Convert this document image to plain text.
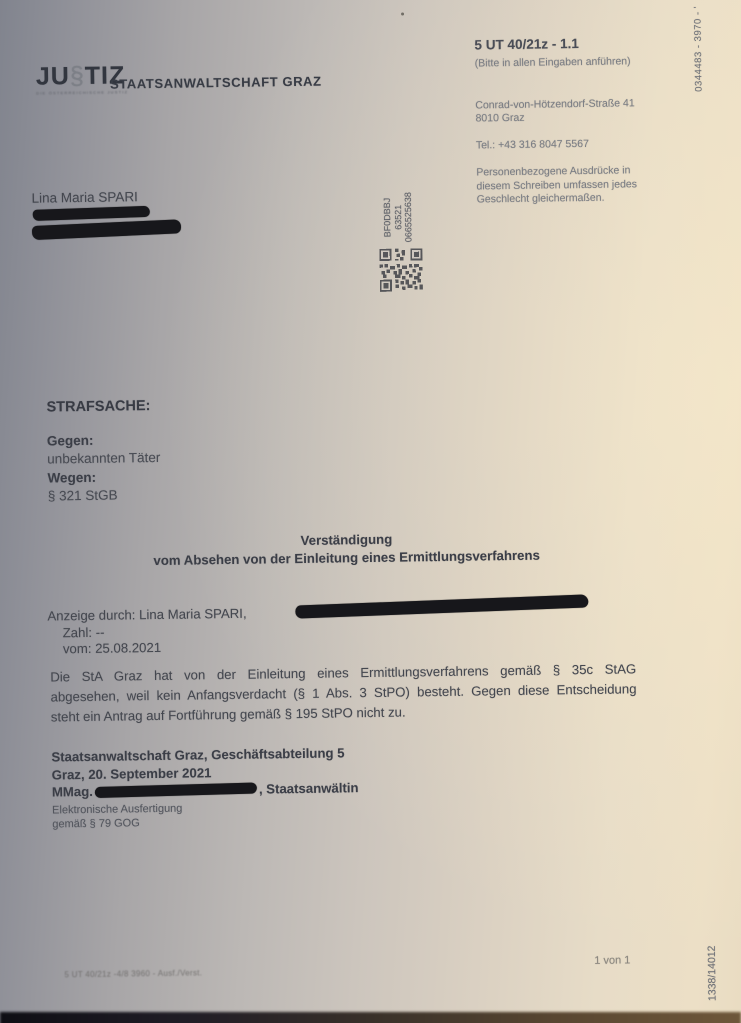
JU§TIZ
DIE ÖSTERREICHISCHE JUSTIZ
STAATSANWALTSCHAFT GRAZ
5 UT 40/21z - 1.1
(Bitte in allen Eingaben anführen)
Conrad-von-Hötzendorf-Straße 41
8010 Graz
Tel.: +43 316 8047 5567
Personenbezogene Ausdrücke in
diesem Schreiben umfassen jedes
Geschlecht gleichermaßen.
0344483 - 3970 - '
1338/14012
Lina Maria SPARI
BF0DBBJ 63521 0665525638
STRAFSACHE:
Gegen:
unbekannten Täter
Wegen:
§ 321 StGB
Verständigung
vom Absehen von der Einleitung eines Ermittlungsverfahrens
Anzeige durch: Lina Maria SPARI,
Zahl: --
vom: 25.08.2021
Die StA Graz hat von der Einleitung eines Ermittlungsverfahrens gemäß § 35c StAG
abgesehen, weil kein Anfangsverdacht (§ 1 Abs. 3 StPO) besteht. Gegen diese Entscheidung
steht ein Antrag auf Fortführung gemäß § 195 StPO nicht zu.
Staatsanwaltschaft Graz, Geschäftsabteilung 5
Graz, 20. September 2021
MMag.	, Staatsanwältin
Elektronische Ausfertigung
gemäß § 79 GOG
5 UT 40/21z -4/8 3960 - Ausf./Verst.
1 von 1
